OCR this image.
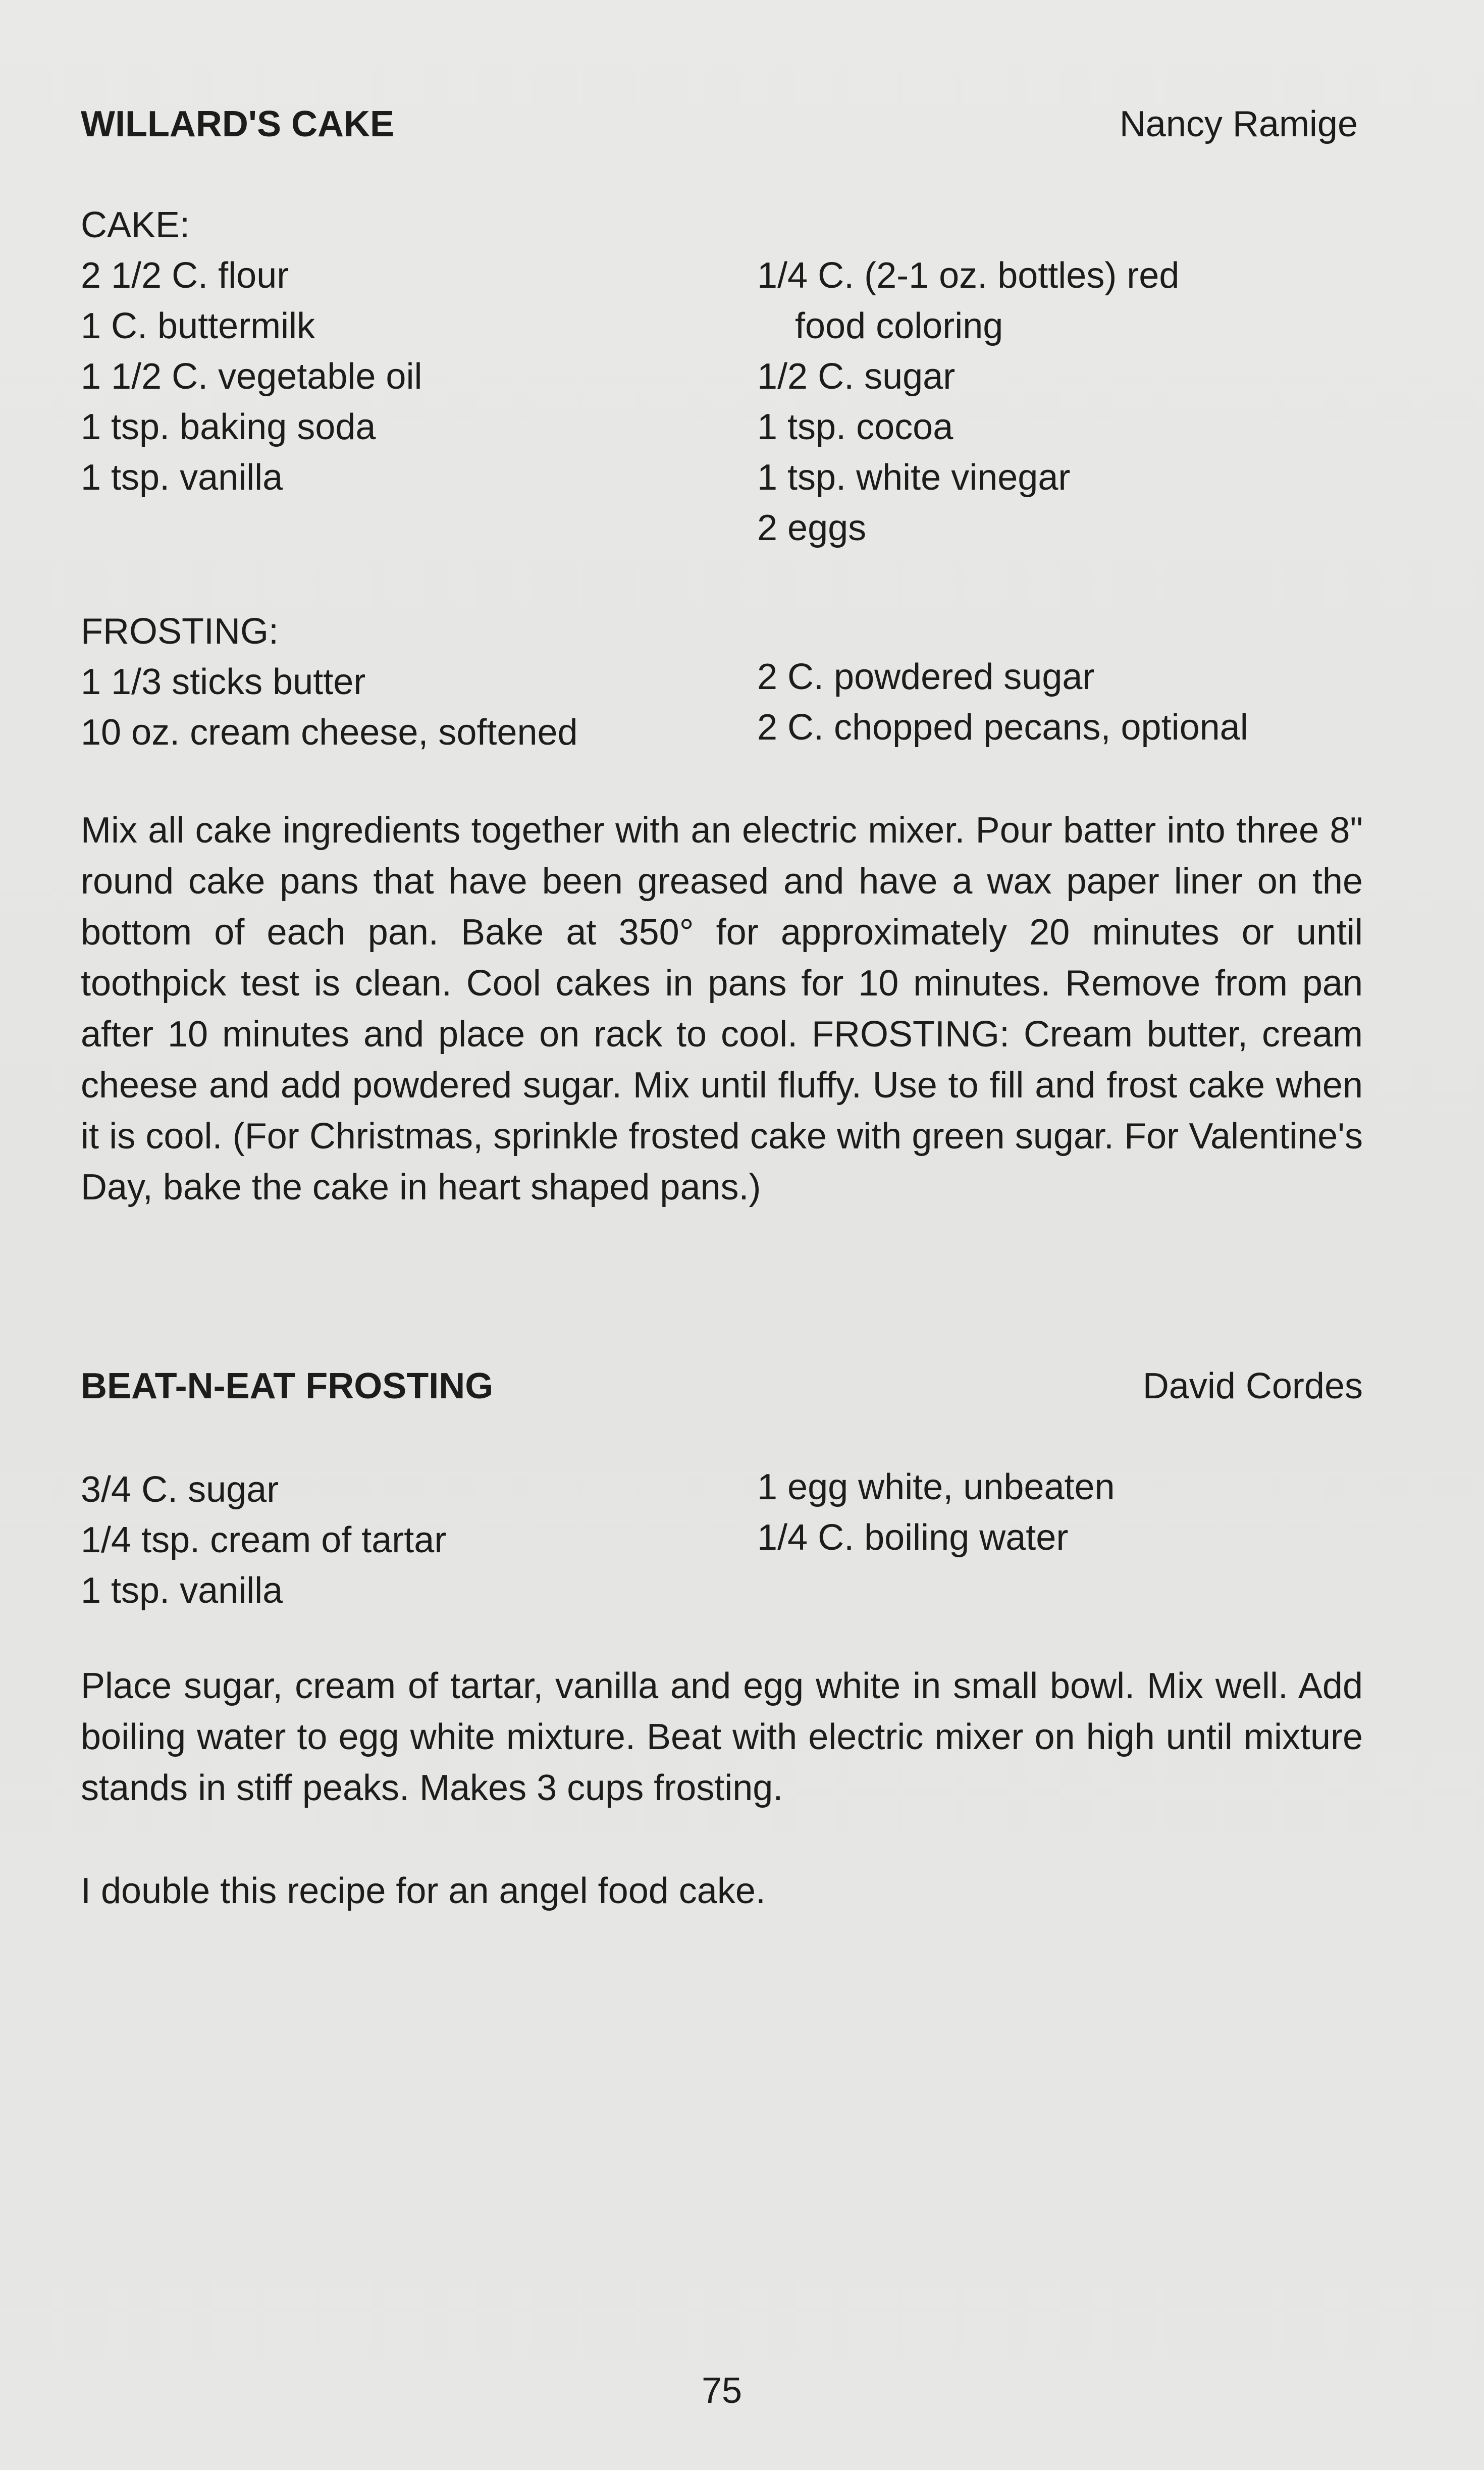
WILLARD'S CAKE	Nancy Ramige
CAKE:
2 1/2 C. flour
1 C. buttermilk
1 1/2 C. vegetable oil
1 tsp. baking soda
1 tsp. vanilla
1/4 C. (2-1 oz. bottles) red
food coloring
1/2 C. sugar
1 tsp. cocoa
1 tsp. white vinegar
2 eggs
FROSTING:
1 1/3 sticks butter
10 oz. cream cheese, softened
2 C. powdered sugar
2 C. chopped pecans, optional
Mix all cake ingredients together with an electric mixer. Pour batter into three 8" round cake pans that have been greased and have a wax paper liner on the bottom of each pan. Bake at 350° for approximately 20 minutes or until toothpick test is clean. Cool cakes in pans for 10 minutes. Remove from pan after 10 minutes and place on rack to cool. FROSTING: Cream butter, cream cheese and add powdered sugar. Mix until fluffy. Use to fill and frost cake when it is cool. (For Christmas, sprinkle frosted cake with green sugar. For Valentine's Day, bake the cake in heart shaped pans.)
BEAT-N-EAT FROSTING	David Cordes
3/4 C. sugar
1/4 tsp. cream of tartar
1 tsp. vanilla
1 egg white, unbeaten
1/4 C. boiling water
Place sugar, cream of tartar, vanilla and egg white in small bowl. Mix well. Add boiling water to egg white mixture. Beat with electric mixer on high until mixture stands in stiff peaks. Makes 3 cups frosting.
I double this recipe for an angel food cake.
75
